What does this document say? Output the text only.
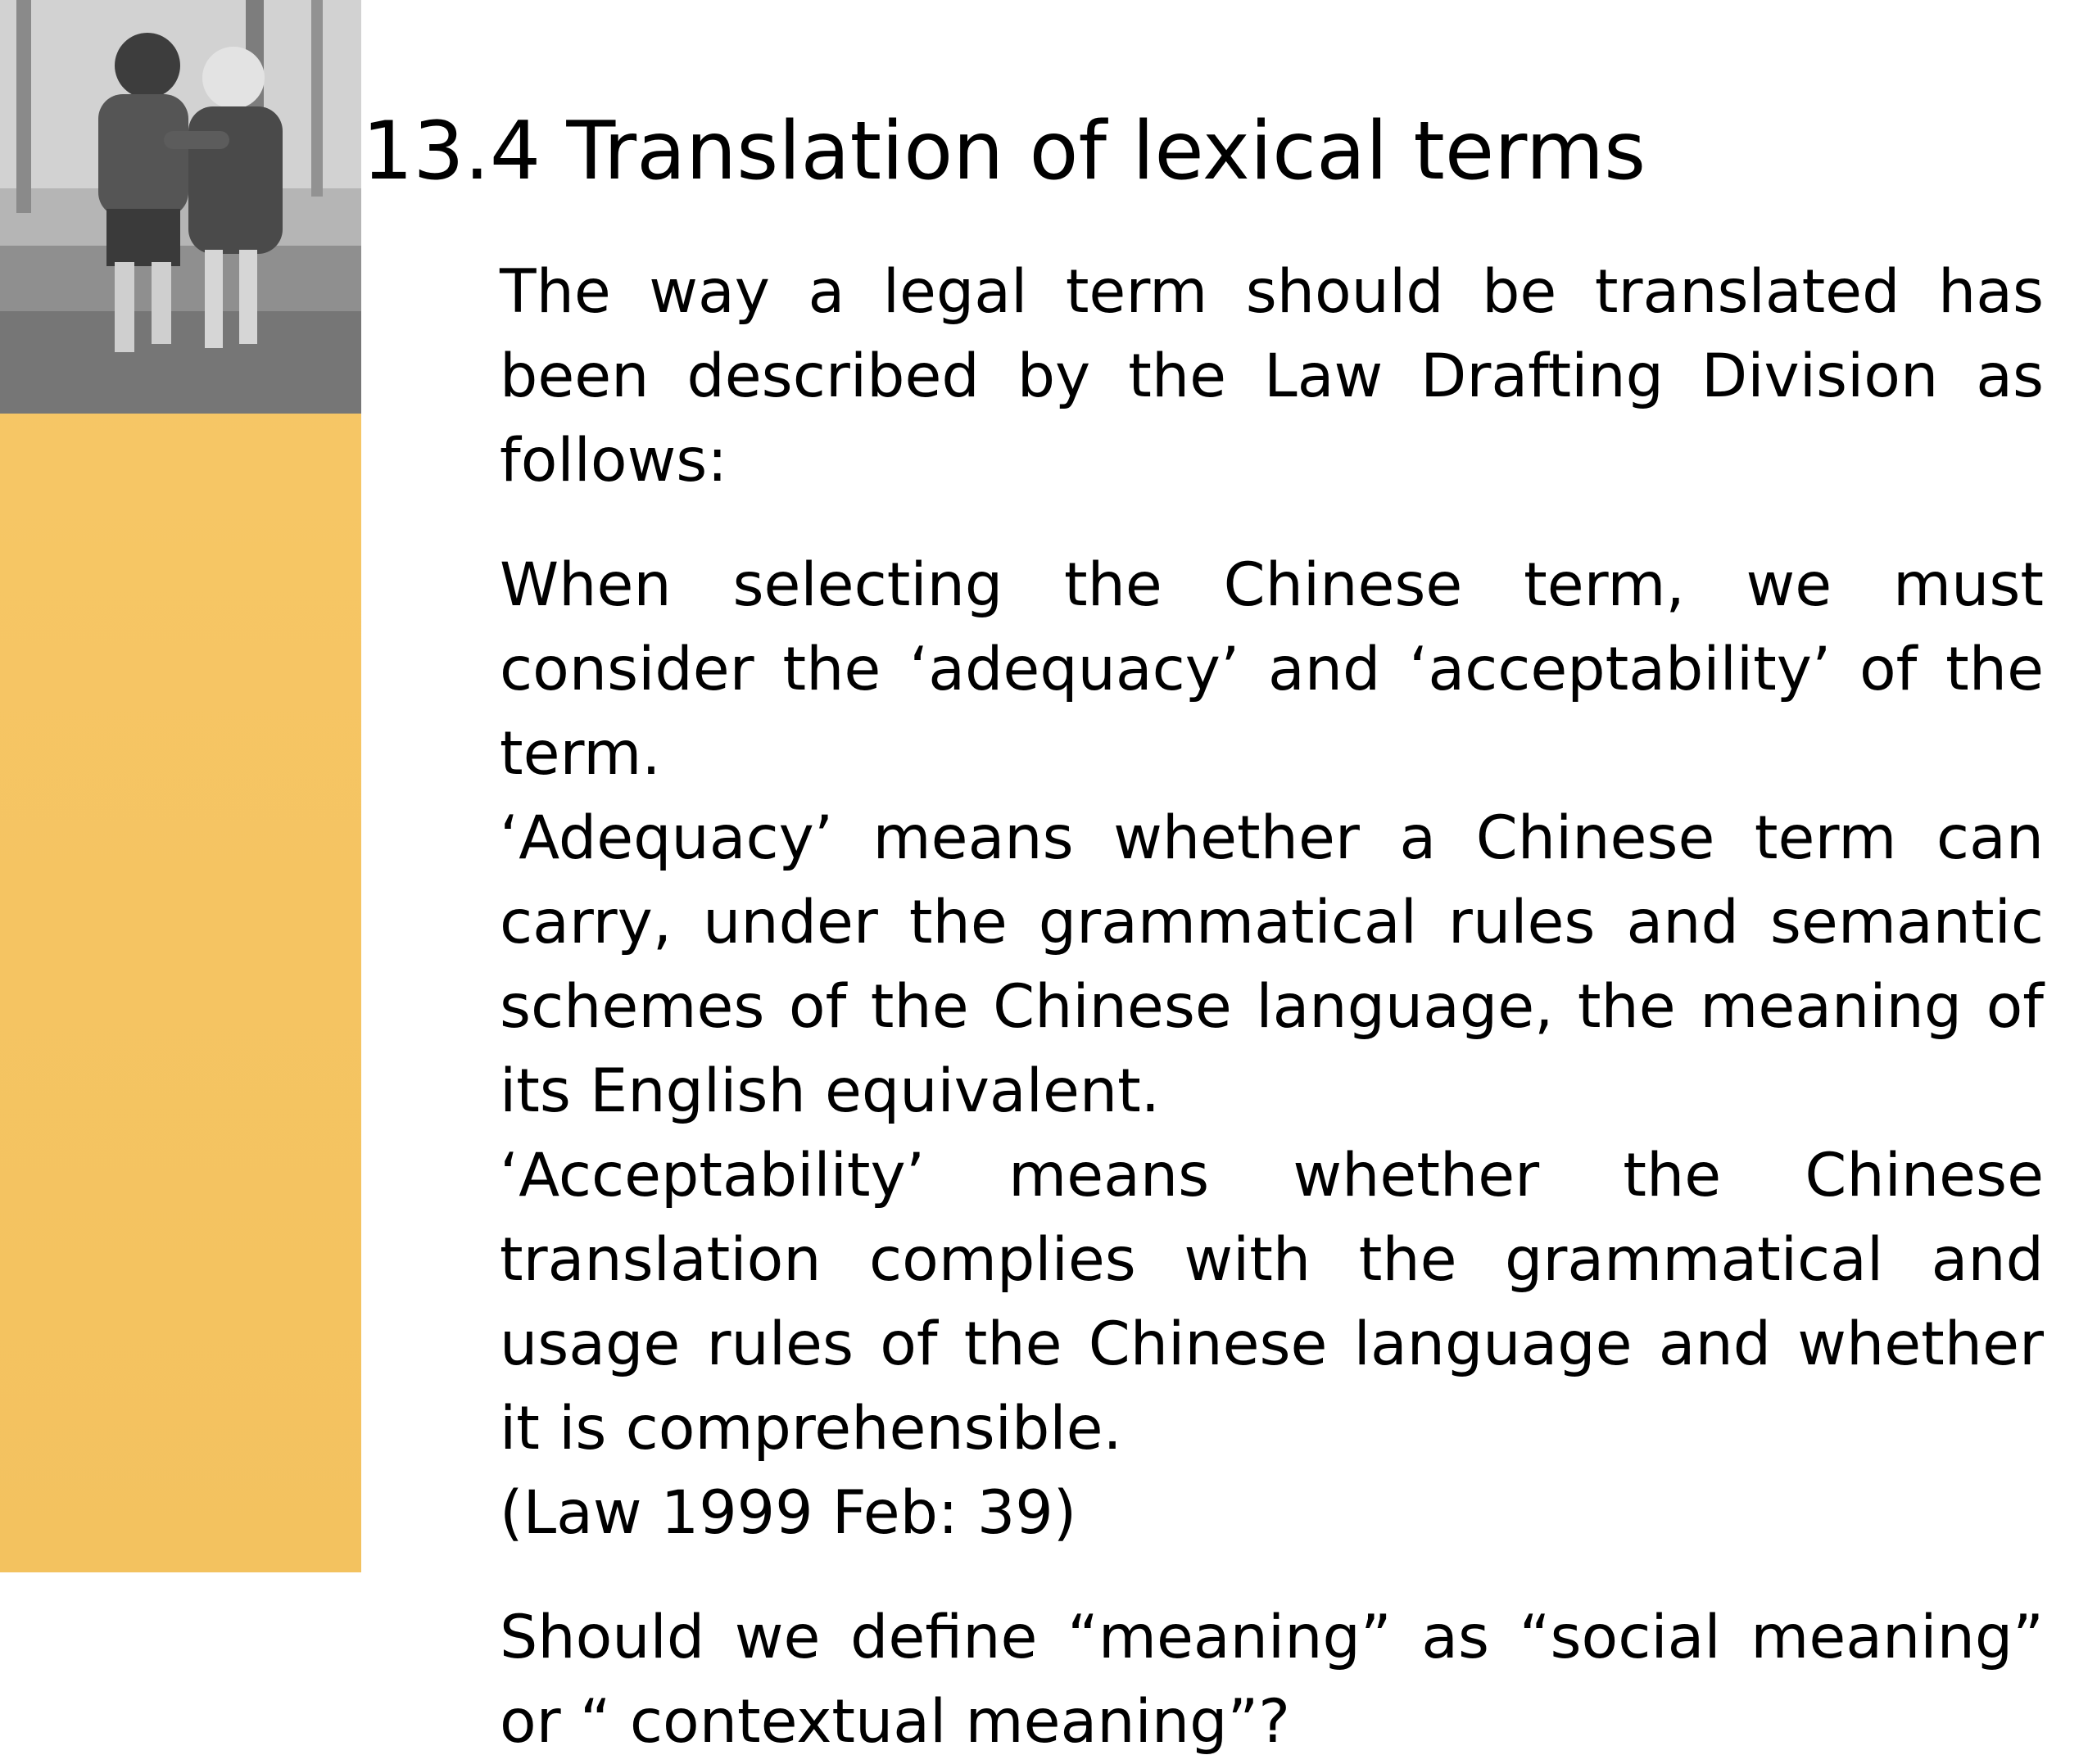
13.4 Translation of lexical terms

The way a legal term should be translated has been described by the Law Drafting Division as follows:

When selecting the Chinese term, we must consider the ‘adequacy’ and ‘acceptability’ of the term.

‘Adequacy’ means whether a Chinese term can carry, under the grammatical rules and semantic schemes of the Chinese language, the meaning of its English equivalent.

‘Acceptability’ means whether the Chinese translation complies with the grammatical and usage rules of the Chinese language and whether it is comprehensible.

(Law 1999 Feb: 39)

Should we define “meaning” as “social meaning” or “ contextual meaning”?
